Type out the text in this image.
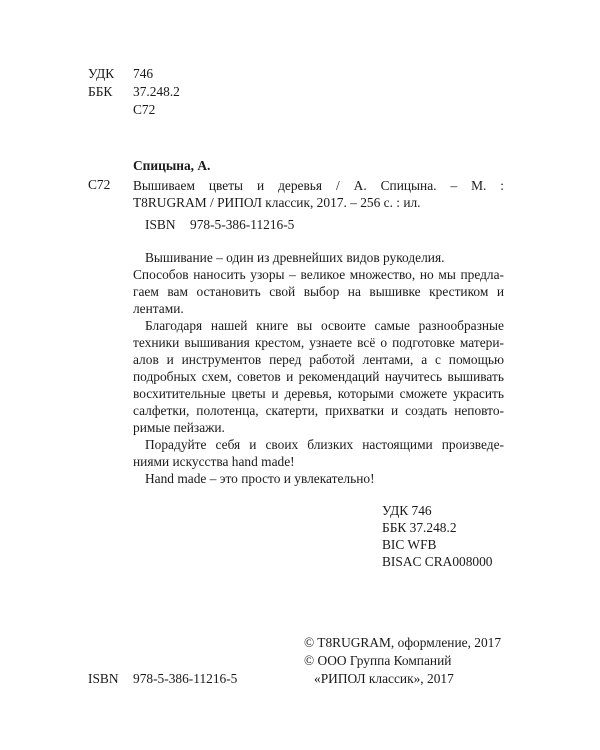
УДК 746
ББК 37.248.2
С72
Спицына, А.
С72 Вышиваем цветы и деревья / А. Спицына. – М. :
T8RUGRAM / РИПОЛ классик, 2017. – 256 с. : ил.
ISBN 978-5-386-11216-5
Вышивание – один из древнейших видов рукоделия.
Способов наносить узоры – великое множество, но мы предла-
гаем вам остановить свой выбор на вышивке крестиком и
лентами.
Благодаря нашей книге вы освоите самые разнообразные
техники вышивания крестом, узнаете всё о подготовке матери-
алов и инструментов перед работой лентами, а с помощью
подробных схем, советов и рекомендаций научитесь вышивать
восхитительные цветы и деревья, которыми сможете украсить
салфетки, полотенца, скатерти, прихватки и создать неповто-
римые пейзажи.
Порадуйте себя и своих близких настоящими произведе-
ниями искусства hand made!
Hand made – это просто и увлекательно!
УДК 746
ББК 37.248.2
BIC WFB
BISAC CRA008000
© T8RUGRAM, оформление, 2017
© ООО Группа Компаний
ISBN 978-5-386-11216-5	«РИПОЛ классик», 2017
